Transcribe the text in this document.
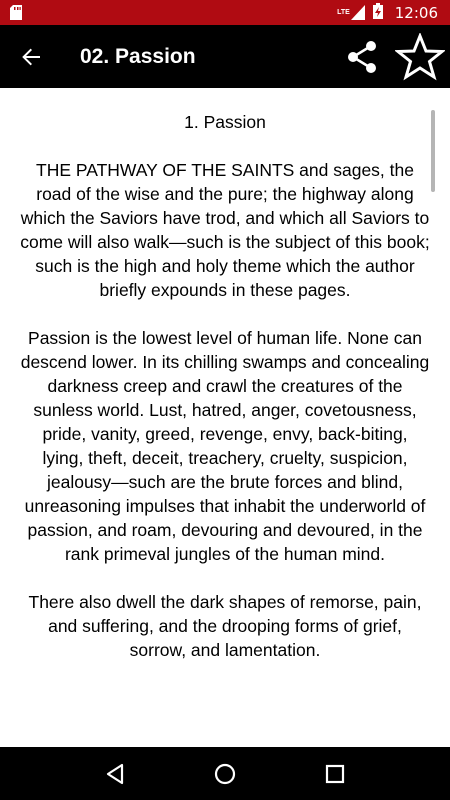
LTE	12:06
02. Passion
1. Passion

THE PATHWAY OF THE SAINTS and sages, the road of the wise and the pure; the highway along which the Saviors have trod, and which all Saviors to come will also walk—such is the subject of this book; such is the high and holy theme which the author briefly expounds in these pages.

Passion is the lowest level of human life. None can descend lower. In its chilling swamps and concealing darkness creep and crawl the creatures of the sunless world. Lust, hatred, anger, covetousness, pride, vanity, greed, revenge, envy, back-biting, lying, theft, deceit, treachery, cruelty, suspicion, jealousy—such are the brute forces and blind, unreasoning impulses that inhabit the underworld of passion, and roam, devouring and devoured, in the rank primeval jungles of the human mind.

There also dwell the dark shapes of remorse, pain, and suffering, and the drooping forms of grief, sorrow, and lamentation.
